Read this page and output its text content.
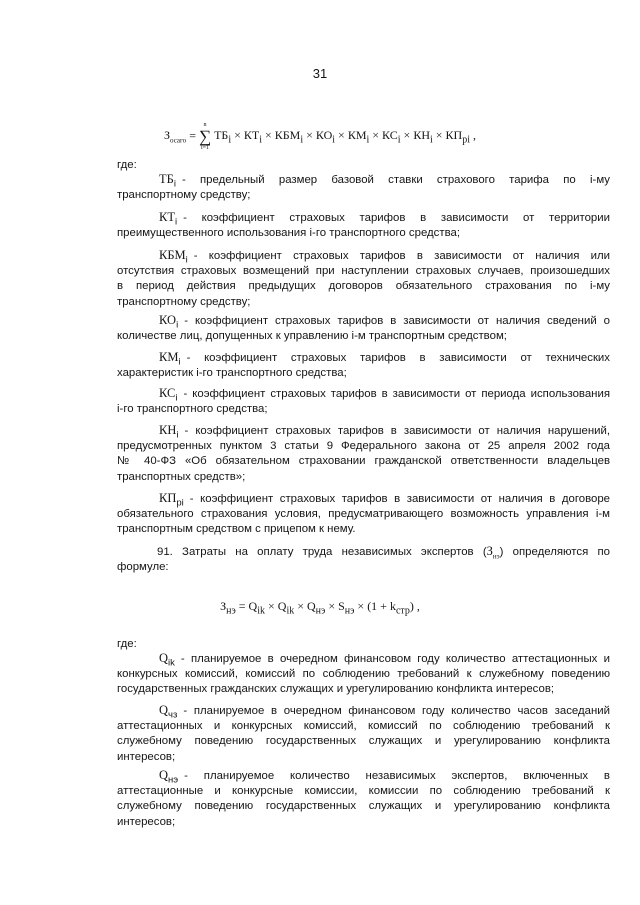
31
$З_{осаго}$ =
n
∑
i=1
$ТБ_i \times КТ_i \times КБМ_i \times КО_i \times КМ_i \times КС_i \times КН_i \times КП_{рi}$ ,
где:
$ТБ_i$ - предельный размер базовой ставки страхового тарифа по i-му
транспортному средству;
$КТ_i$ - коэффициент страховых тарифов в зависимости от территории
преимущественного использования i-го транспортного средства;
$КБМ_i$ - коэффициент страховых тарифов в зависимости от наличия или
отсутствия страховых возмещений при наступлении страховых случаев, произошедших
в период действия предыдущих договоров обязательного страхования по i-му
транспортному средству;
$КО_i$ - коэффициент страховых тарифов в зависимости от наличия сведений о
количестве лиц, допущенных к управлению i-м транспортным средством;
$КМ_i$ - коэффициент страховых тарифов в зависимости от технических
характеристик i-го транспортного средства;
$КС_i$ - коэффициент страховых тарифов в зависимости от периода использования
i-го транспортного средства;
$КН_i$ - коэффициент страховых тарифов в зависимости от наличия нарушений,
предусмотренных пунктом 3 статьи 9 Федерального закона от 25 апреля 2002 года
№ 40-ФЗ «Об обязательном страховании гражданской ответственности владельцев
транспортных средств»;
$КП_{рi}$ - коэффициент страховых тарифов в зависимости от наличия в договоре
обязательного страхования условия, предусматривающего возможность управления i-м
транспортным средством с прицепом к нему.
91. Затраты на оплату труда независимых экспертов $(З_{нэ})$ определяются по
формуле:
$З_{нэ} = Q_{ik} \times Q_{ik} \times Q_{нэ} \times S_{нэ} \times (1 + k_{стр})$ ,
где:
$Q_{ik}$ - планируемое в очередном финансовом году количество аттестационных и
конкурсных комиссий, комиссий по соблюдению требований к служебному поведению
государственных гражданских служащих и урегулированию конфликта интересов;
$Q_{чз}$ - планируемое в очередном финансовом году количество часов заседаний
аттестационных и конкурсных комиссий, комиссий по соблюдению требований к
служебному поведению государственных служащих и урегулированию конфликта
интересов;
$Q_{нэ}$ - планируемое количество независимых экспертов, включенных в
аттестационные и конкурсные комиссии, комиссии по соблюдению требований к
служебному поведению государственных служащих и урегулированию конфликта
интересов;
